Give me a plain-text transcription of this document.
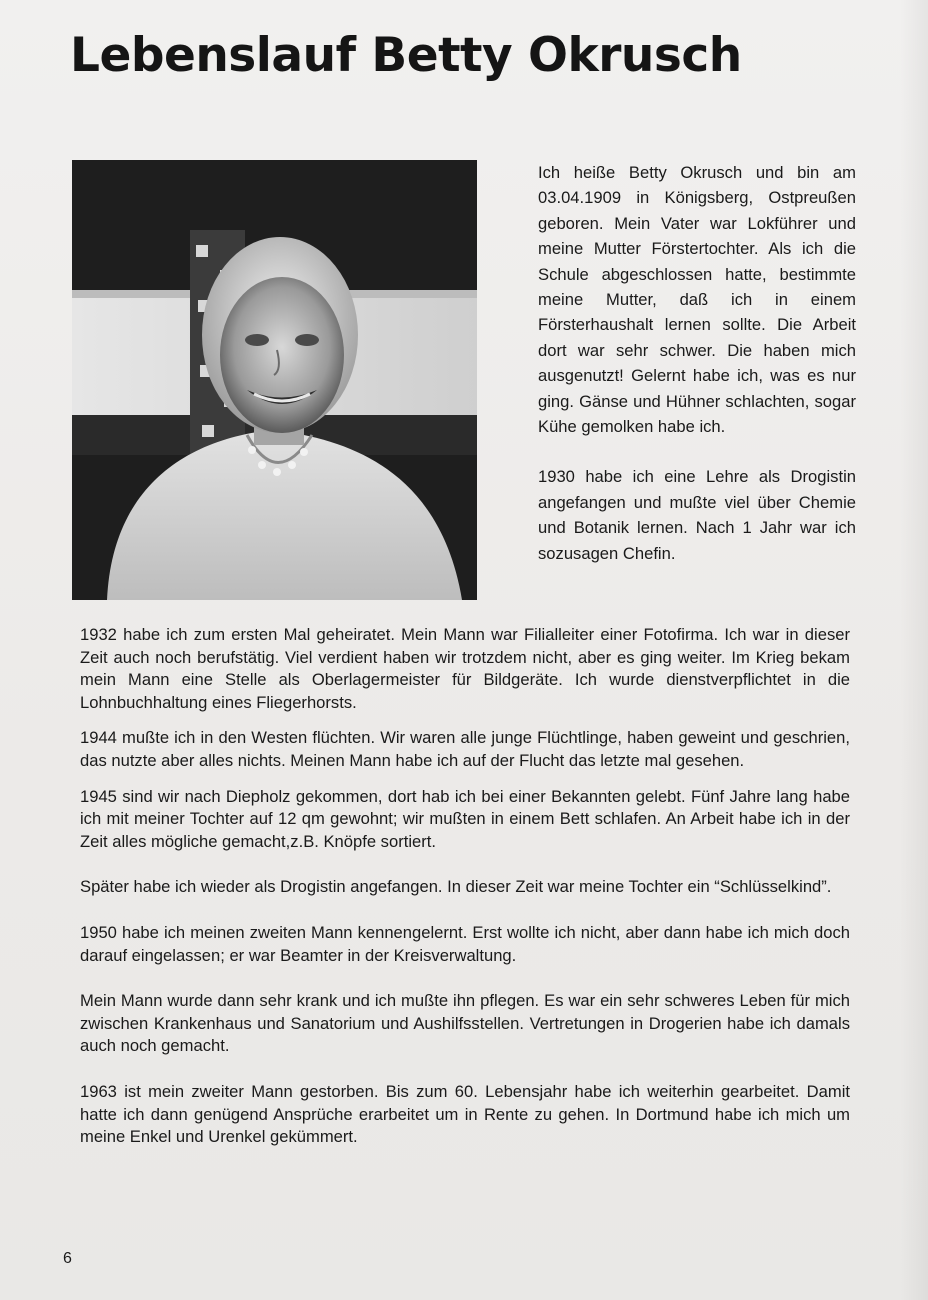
Lebenslauf Betty Okrusch

Ich heiße Betty Okrusch und bin am 03.04.1909 in Königsberg, Ostpreußen geboren. Mein Vater war Lokführer und meine Mutter Förstertochter. Als ich die Schule abgeschlossen hatte, bestimmte meine Mutter, daß ich in einem Försterhaushalt lernen sollte. Die Arbeit dort war sehr schwer. Die haben mich ausgenutzt! Gelernt habe ich, was es nur ging. Gänse und Hühner schlachten, sogar Kühe gemolken habe ich.

1930 habe ich eine Lehre als Drogistin angefangen und mußte viel über Chemie und Botanik lernen. Nach 1 Jahr war ich sozusagen Chefin.

1932 habe ich zum ersten Mal geheiratet. Mein Mann war Filialleiter einer Fotofirma. Ich war in dieser Zeit auch noch berufstätig. Viel verdient haben wir trotzdem nicht, aber es ging weiter. Im Krieg bekam mein Mann eine Stelle als Oberlagermeister für Bildgeräte. Ich wurde dienstverpflichtet in die Lohnbuchhaltung eines Fliegerhorsts.

1944 mußte ich in den Westen flüchten. Wir waren alle junge Flüchtlinge, haben geweint und geschrien, das nutzte aber alles nichts. Meinen Mann habe ich auf der Flucht das letzte mal gesehen.

1945 sind wir nach Diepholz gekommen, dort hab ich bei einer Bekannten gelebt. Fünf Jahre lang habe ich mit meiner Tochter auf 12 qm gewohnt; wir mußten in einem Bett schlafen. An Arbeit habe ich in der Zeit alles mögliche gemacht,z.B. Knöpfe sortiert.

Später habe ich wieder als Drogistin angefangen. In dieser Zeit war meine Tochter ein “Schlüsselkind”.

1950 habe ich meinen zweiten Mann kennengelernt. Erst wollte ich nicht, aber dann habe ich mich doch darauf eingelassen; er war Beamter in der Kreisverwaltung.

Mein Mann wurde dann sehr krank und ich mußte ihn pflegen. Es war ein sehr schweres Leben für mich zwischen Krankenhaus und Sanatorium und Aushilfsstellen. Vertretungen in Drogerien habe ich damals auch noch gemacht.

1963 ist mein zweiter Mann gestorben. Bis zum 60. Lebensjahr habe ich weiterhin gearbeitet. Damit hatte ich dann genügend Ansprüche erarbeitet um in Rente zu gehen. In Dortmund habe ich mich um meine Enkel und Urenkel gekümmert.

6
